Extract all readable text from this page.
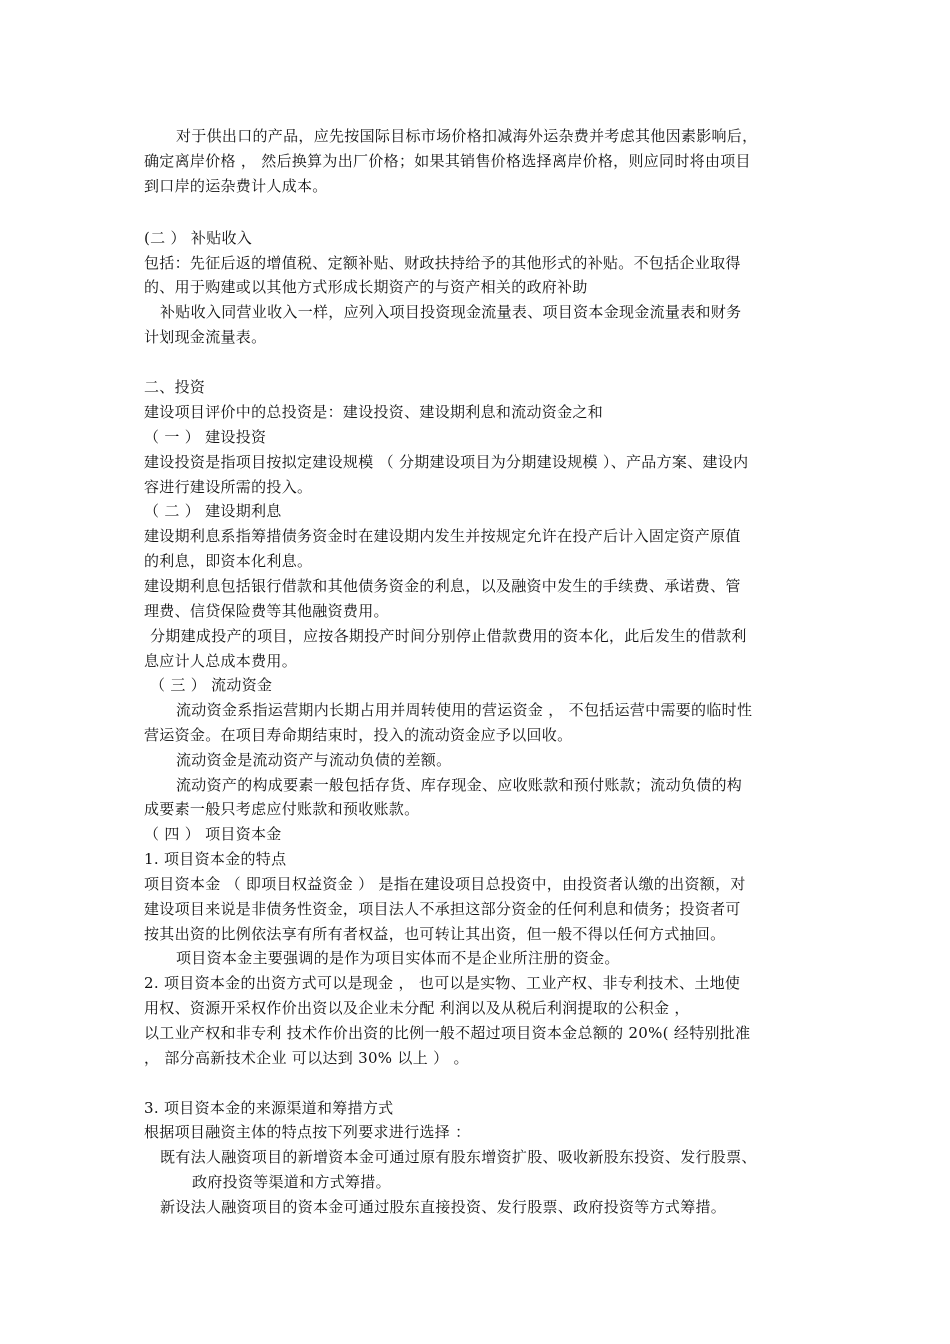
对于供出口的产品，应先按国际目标市场价格扣减海外运杂费并考虑其他因素影响后，
确定离岸价格 ， 然后换算为出厂价格；如果其销售价格选择离岸价格，则应同时将由项目
到口岸的运杂费计人成本。
(二 ） 补贴收入
包括：先征后返的增值税、定额补贴、财政扶持给予的其他形式的补贴。不包括企业取得
的、用于购建或以其他方式形成长期资产的与资产相关的政府补助
补贴收入同营业收入一样，应列入项目投资现金流量表、项目资本金现金流量表和财务
计划现金流量表。
二、投资
建设项目评价中的总投资是：建设投资、建设期利息和流动资金之和
（ 一 ） 建设投资
建设投资是指项目按拟定建设规模 （ 分期建设项目为分期建设规模 ）、产品方案、建设内
容进行建设所需的投入。
（ 二 ） 建设期利息
建设期利息系指筹措债务资金时在建设期内发生并按规定允许在投产后计入固定资产原值
的利息，即资本化利息。
建设期利息包括银行借款和其他债务资金的利息，以及融资中发生的手续费、承诺费、管
理费、信贷保险费等其他融资费用。
分期建成投产的项目，应按各期投产时间分别停止借款费用的资本化，此后发生的借款利
息应计人总成本费用。
（ 三 ） 流动资金
流动资金系指运营期内长期占用并周转使用的营运资金 ， 不包括运营中需要的临时性
营运资金。在项目寿命期结束时，投入的流动资金应予以回收。
流动资金是流动资产与流动负债的差额。
流动资产的构成要素一般包括存货、库存现金、应收账款和预付账款；流动负债的构
成要素一般只考虑应付账款和预收账款。
（ 四 ） 项目资本金
1. 项目资本金的特点
项目资本金 （ 即项目权益资金 ） 是指在建设项目总投资中，由投资者认缴的出资额，对
建设项目来说是非债务性资金，项目法人不承担这部分资金的任何利息和债务；投资者可
按其出资的比例依法享有所有者权益，也可转让其出资，但一般不得以任何方式抽回。
项目资本金主要强调的是作为项目实体而不是企业所注册的资金。
2. 项目资本金的出资方式可以是现金 ， 也可以是实物、工业产权、非专利技术、土地使
用权、资源开采权作价出资以及企业未分配 利润以及从税后利润提取的公积金 ，
以工业产权和非专利 技术作价出资的比例一般不超过项目资本金总额的 20%( 经特别批准
， 部分高新技术企业 可以达到 30% 以上 ） 。
3. 项目资本金的来源渠道和筹措方式
根据项目融资主体的特点按下列要求进行选择 ：
既有法人融资项目的新增资本金可通过原有股东增资扩股、吸收新股东投资、发行股票、
政府投资等渠道和方式筹措。
新设法人融资项目的资本金可通过股东直接投资、发行股票、政府投资等方式筹措。
